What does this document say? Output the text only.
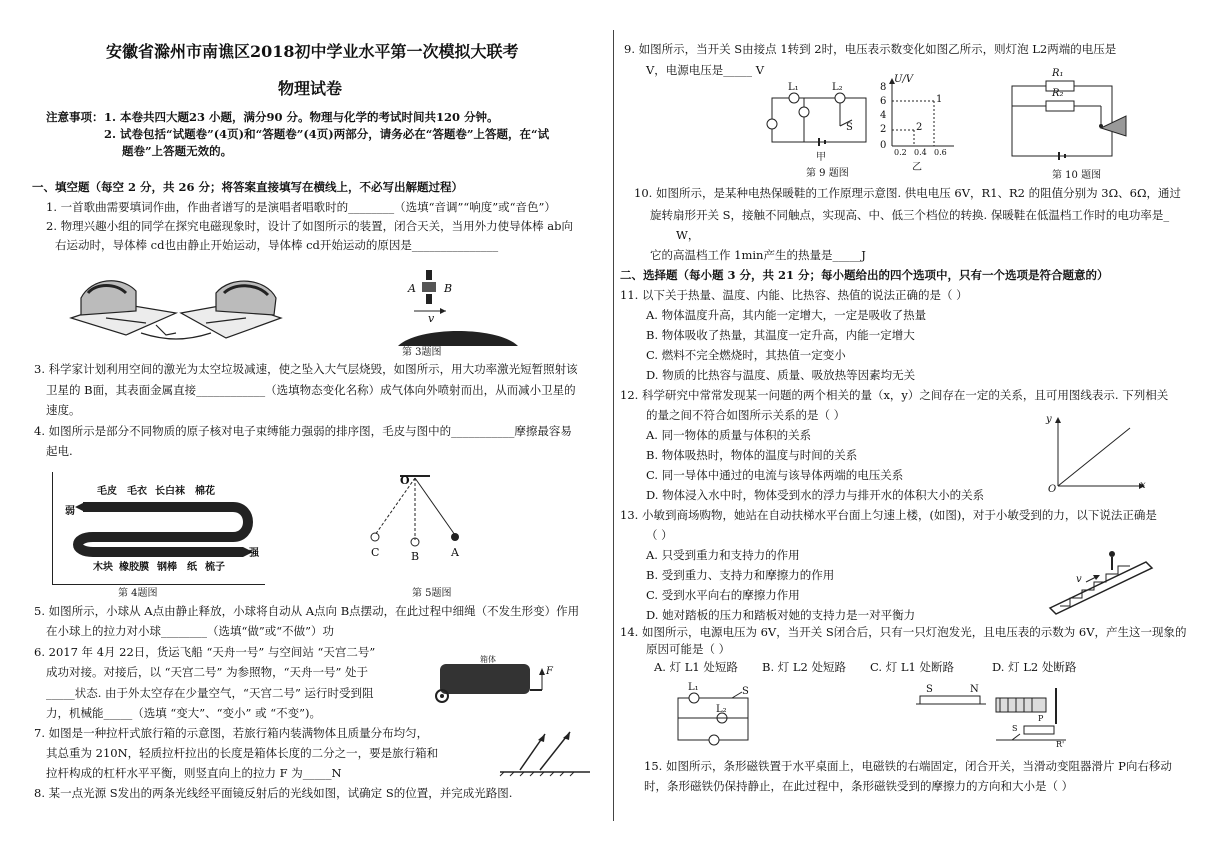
安徽省滁州市南谯区2018初中学业水平第一次模拟大联考
物理试卷
注意事项： 1. 本卷共四大题23 小题，满分90 分。物理与化学的考试时间共120 分钟。
2. 试卷包括“试题卷”(4页)和“答题卷”(4页)两部分，请务必在“答题卷”上答题，在“试
题卷”上答题无效的。
一、填空题（每空 2 分，共 26 分；将答案直接填写在横线上，不必写出解题过程）
1. 一首歌曲需要填词作曲，作曲者谱写的是演唱者唱歌时的________（选填“音调”“响度”或“音色”）
2. 物理兴趣小组的同学在探究电磁现象时，设计了如图所示的装置，闭合天关，当用外力使导体棒 ab向
右运动时，导体棒 cd也由静止开始运动，导体棒 cd开始运动的原因是_______________
A	B
v
第 3题图
3. 科学家计划利用空间的激光为太空垃圾减速，使之坠入大气层烧毁，如图所示，用大功率激光短暂照射该
卫星的 B面，其表面金属直接____________（选填物态变化名称）成气体向外喷射而出，从而减小卫星的
速度。
4. 如图所示是部分不同物质的原子核对电子束缚能力强弱的排序图，毛皮与图中的___________摩擦最容易
起电.
毛皮 毛衣 长白袜 棉花
弱
强
木块 橡胶膜 钢棒 纸 梳子
第 4题图
O
C	B	A
第 5题图
5. 如图所示，小球从 A点由静止释放，小球将自动从 A点向 B点摆动，在此过程中细绳（不发生形变）作用
在小球上的拉力对小球________（选填“做”或“不做”）功
6. 2017 年 4月 22日，货运飞船 “天舟一号” 与空间站 “天宫二号”
成功对接。对接后，以 “天宫二号” 为参照物，“天舟一号” 处于
_____状态. 由于外太空存在少量空气，“天宫二号” 运行时受到阻
力，机械能_____（选填 “变大”、“变小” 或 “不变”)。
箱体
F
7. 如图是一种拉杆式旅行箱的示意图，若旅行箱内装满物体且质量分布均匀，
其总重为 210N，轻质拉杆拉出的长度是箱体长度的二分之一，要是旅行箱和
拉杆构成的杠杆水平平衡，则竖直向上的拉力 F 为_____N
8. 某一点光源 S发出的两条光线经平面镜反射后的光线如图，试确定 S的位置，并完成光路图.
9. 如图所示，当开关 S由接点 1转到 2时，电压表示数变化如图乙所示，则灯泡 L2两端的电压是
V，电源电压是_____ V
L₁	L₂
S
甲
U/V
8
6
4
2
0
0.2 0.4 0.6
1
2
乙
第 9 题图
R₁
R₂
第 10 题图
10. 如图所示，是某种电热保暖鞋的工作原理示意图. 供电电压 6V，R1、R2 的阻值分别为 3Ω、6Ω，通过
旋转扇形开关 S，接触不同触点，实现高、中、低三个档位的转换. 保暖鞋在低温档工作时的电功率是_
W，
它的高温档工作 1min产生的热量是_____J
二、选择题（每小题 3 分，共 21 分；每小题给出的四个选项中，只有一个选项是符合题意的）
11. 以下关于热量、温度、内能、比热容、热值的说法正确的是（ ）
A. 物体温度升高，其内能一定增大，一定是吸收了热量
B. 物体吸收了热量，其温度一定升高，内能一定增大
C. 燃料不完全燃烧时，其热值一定变小
D. 物质的比热容与温度、质量、吸放热等因素均无关
12. 科学研究中常常发现某一问题的两个相关的量（x，y）之间存在一定的关系，且可用图线表示. 下列相关
的量之间不符合如图所示关系的是（ ）
A. 同一物体的质量与体积的关系
B. 物体吸热时，物体的温度与时间的关系
C. 同一导体中通过的电流与该导体两端的电压关系
D. 物体浸入水中时，物体受到水的浮力与排开水的体积大小的关系
y
x
O
13. 小敏到商场购物，她站在自动扶梯水平台面上匀速上楼，(如图)，对于小敏受到的力，以下说法正确是
（ ）
A. 只受到重力和支持力的作用
B. 受到重力、支持力和摩擦力的作用
C. 受到水平向右的摩擦力作用
D. 她对踏板的压力和踏板对她的支持力是一对平衡力
v
14. 如图所示，电源电压为 6V，当开关 S闭合后，只有一只灯泡发光，且电压表的示数为 6V，产生这一现象的
原因可能是（ ）
A. 灯 L1 处短路 B. 灯 L2 处短路 C. 灯 L1 处断路	D. 灯 L2 处断路
L₁
L₂
S	S	N
P
R'
S
15. 如图所示，条形磁铁置于水平桌面上，电磁铁的右端固定，闭合开关，当滑动变阻器滑片 P向右移动
时，条形磁铁仍保持静止，在此过程中，条形磁铁受到的摩擦力的方向和大小是（ ）
